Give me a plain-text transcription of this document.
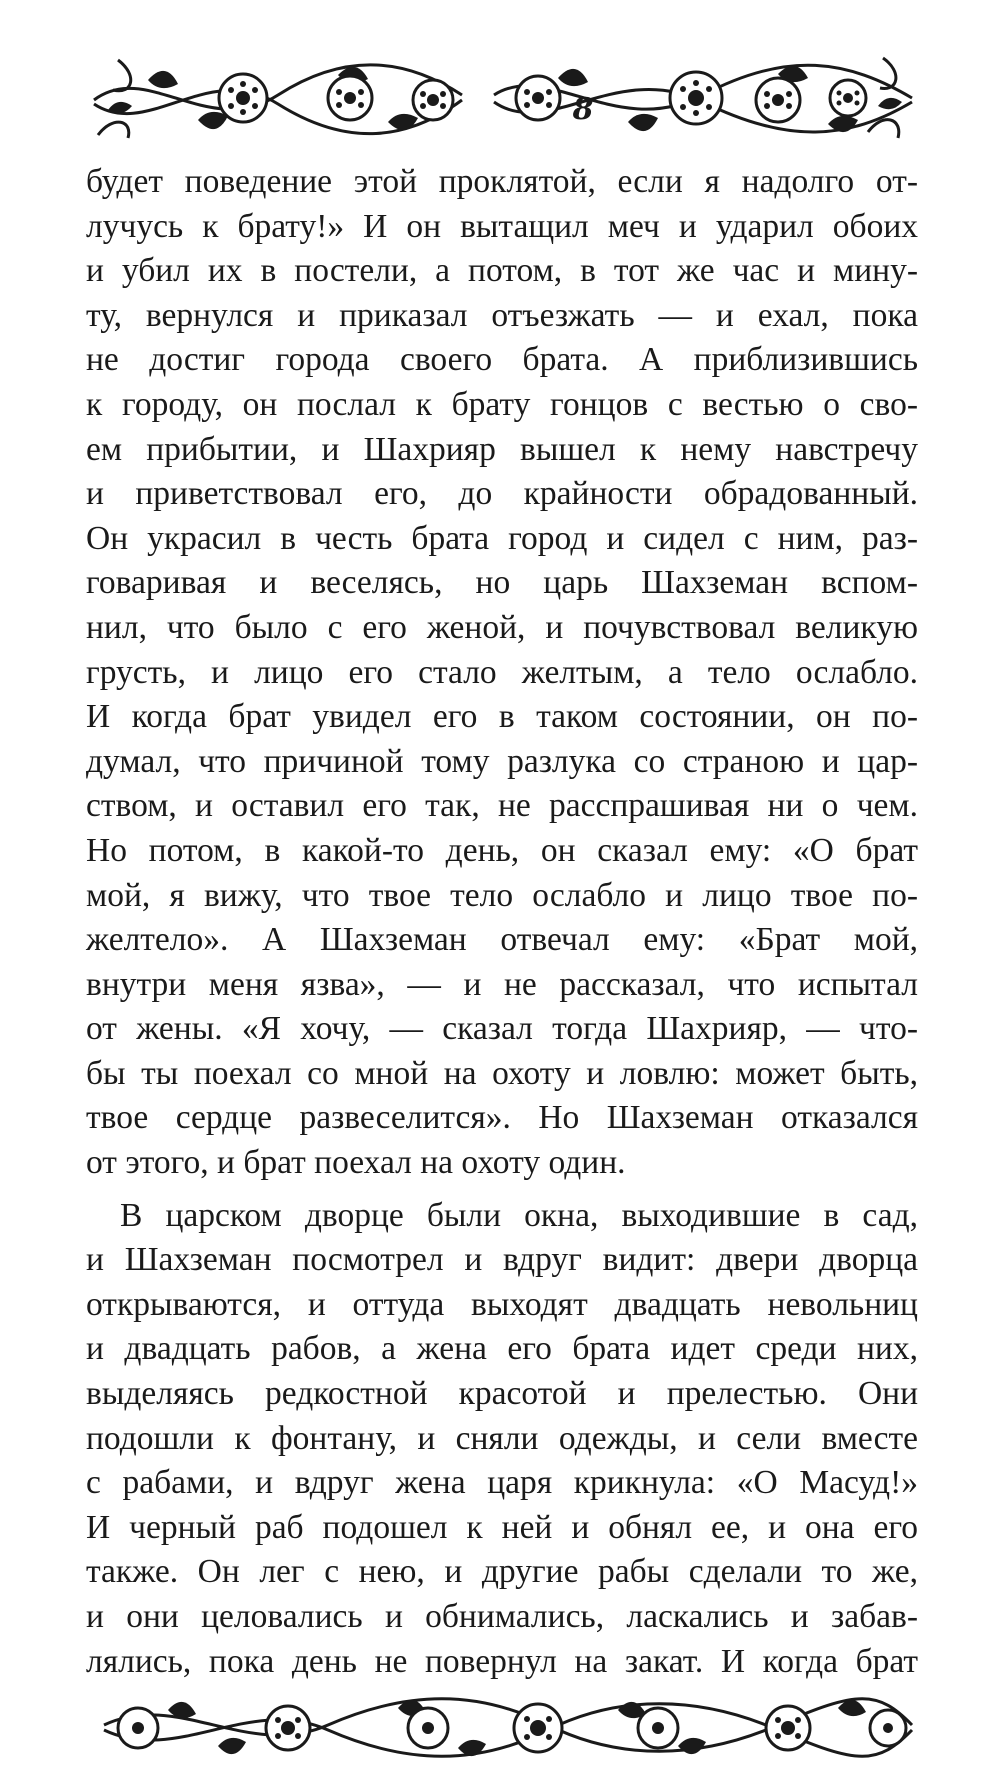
8
будет поведение этой проклятой, если я надолго от-
лучусь к брату!» И он вытащил меч и ударил обоих
и убил их в постели, а потом, в тот же час и мину-
ту, вернулся и приказал отъезжать — и ехал, пока
не достиг города своего брата. А приблизившись
к городу, он послал к брату гонцов с вестью о сво-
ем прибытии, и Шахрияр вышел к нему навстречу
и приветствовал его, до крайности обрадованный.
Он украсил в честь брата город и сидел с ним, раз-
говаривая и веселясь, но царь Шахземан вспом-
нил, что было с его женой, и почувствовал великую
грусть, и лицо его стало желтым, а тело ослабло.
И когда брат увидел его в таком состоянии, он по-
думал, что причиной тому разлука со страною и цар-
ством, и оставил его так, не расспрашивая ни о чем.
Но потом, в какой-то день, он сказал ему: «О брат
мой, я вижу, что твое тело ослабло и лицо твое по-
желтело». А Шахземан отвечал ему: «Брат мой,
внутри меня язва», — и не рассказал, что испытал
от жены. «Я хочу, — сказал тогда Шахрияр, — что-
бы ты поехал со мной на охоту и ловлю: может быть,
твое сердце развеселится». Но Шахземан отказался
от этого, и брат поехал на охоту один.
В царском дворце были окна, выходившие в сад,
и Шахземан посмотрел и вдруг видит: двери дворца
открываются, и оттуда выходят двадцать невольниц
и двадцать рабов, а жена его брата идет среди них,
выделяясь редкостной красотой и прелестью. Они
подошли к фонтану, и сняли одежды, и сели вместе
с рабами, и вдруг жена царя крикнула: «О Масуд!»
И черный раб подошел к ней и обнял ее, и она его
также. Он лег с нею, и другие рабы сделали то же,
и они целовались и обнимались, ласкались и забав-
лялись, пока день не повернул на закат. И когда брат
